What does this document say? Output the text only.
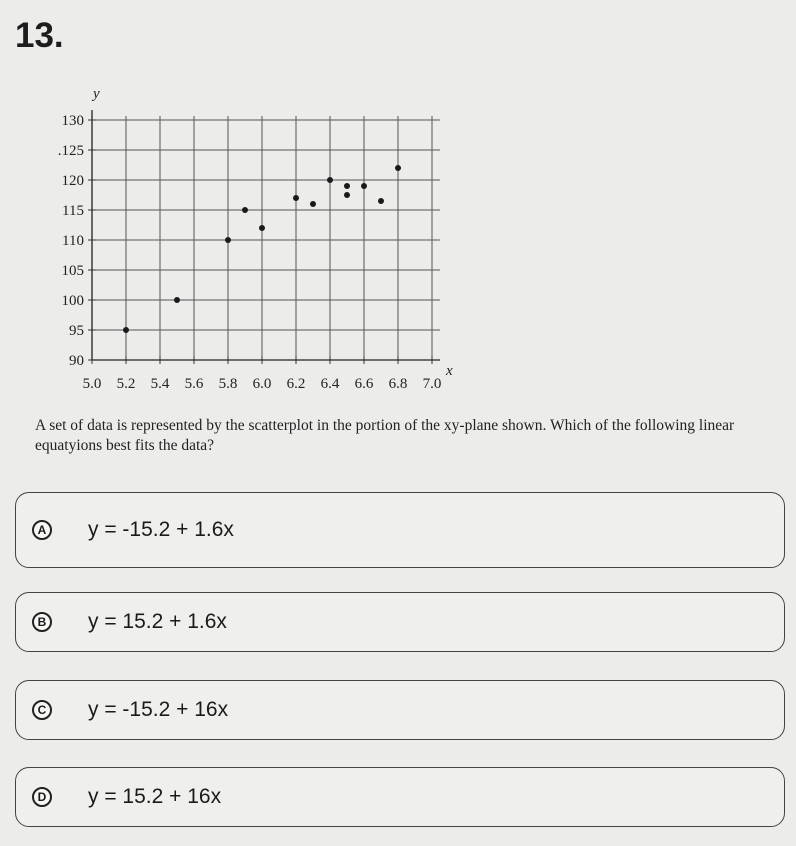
13.
5.0 5.2 5.4 5.6 5.8 6.0 6.2 6.4 6.6 6.8 7.0
90
95
100
105
110
115
120
.125
130
x
y
A set of data is represented by the scatterplot in the portion of the xy-plane shown. Which of the following linear equatyions best fits the data?
A y = -15.2 + 1.6x
B y = 15.2 + 1.6x
C y = -15.2 + 16x
D y = 15.2 + 16x
